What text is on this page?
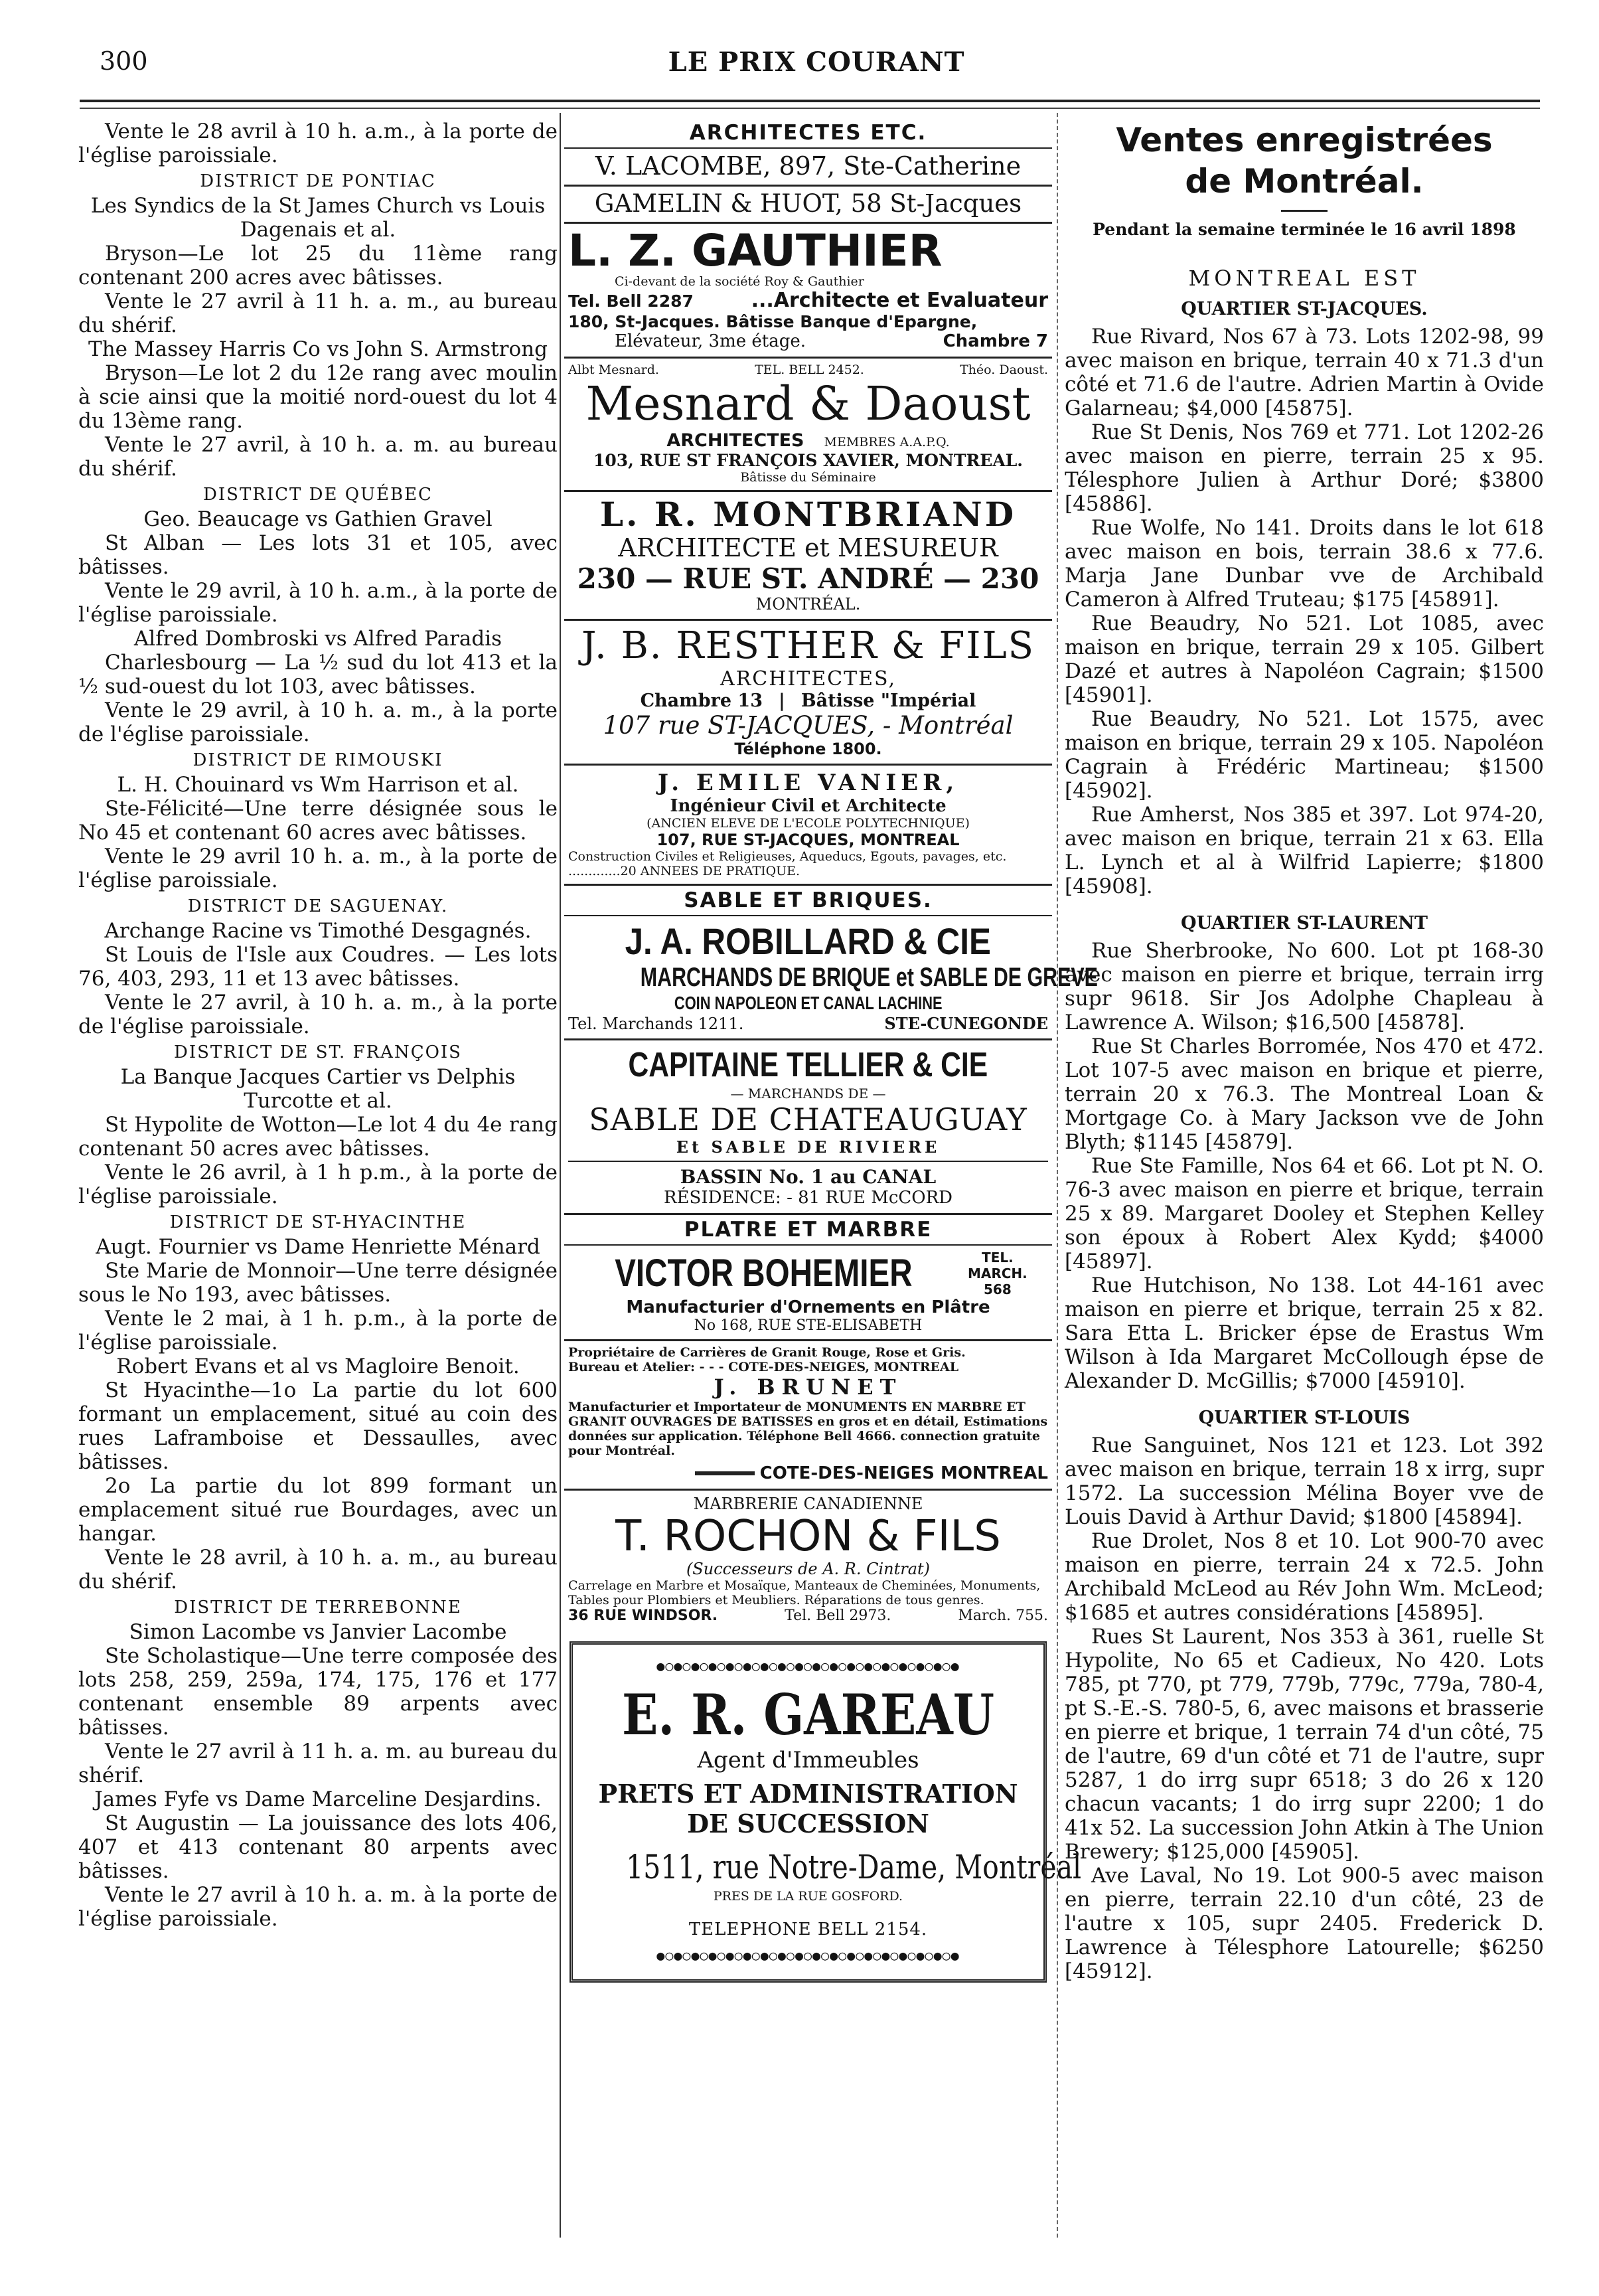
300	LE PRIX COURANT

Vente le 28 avril à 10 h. a.m., à la porte de l'église paroissiale.

DISTRICT DE PONTIAC

Les Syndics de la St James Church vs Louis Dagenais et al.

Bryson—Le lot 25 du 11ème rang contenant 200 acres avec bâtisses.

Vente le 27 avril à 11 h. a. m., au bureau du shérif.

The Massey Harris Co vs John S. Armstrong

Bryson—Le lot 2 du 12e rang avec moulin à scie ainsi que la moitié nord-ouest du lot 4 du 13ème rang.

Vente le 27 avril, à 10 h. a. m. au bureau du shérif.

DISTRICT DE QUÉBEC

Geo. Beaucage vs Gathien Gravel

St Alban — Les lots 31 et 105, avec bâtisses.

Vente le 29 avril, à 10 h. a.m., à la porte de l'église paroissiale.

Alfred Dombroski vs Alfred Paradis

Charlesbourg — La ½ sud du lot 413 et la ½ sud-ouest du lot 103, avec bâtisses.

Vente le 29 avril, à 10 h. a. m., à la porte de l'église paroissiale.

DISTRICT DE RIMOUSKI

L. H. Chouinard vs Wm Harrison et al.

Ste-Félicité—Une terre désignée sous le No 45 et contenant 60 acres avec bâtisses.

Vente le 29 avril 10 h. a. m., à la porte de l'église paroissiale.

DISTRICT DE SAGUENAY.

Archange Racine vs Timothé Desgagnés.

St Louis de l'Isle aux Coudres. — Les lots 76, 403, 293, 11 et 13 avec bâtisses.

Vente le 27 avril, à 10 h. a. m., à la porte de l'église paroissiale.

DISTRICT DE ST. FRANÇOIS

La Banque Jacques Cartier vs Delphis Turcotte et al.

St Hypolite de Wotton—Le lot 4 du 4e rang contenant 50 acres avec bâtisses.

Vente le 26 avril, à 1 h p.m., à la porte de l'église paroissiale.

DISTRICT DE ST-HYACINTHE

Augt. Fournier vs Dame Henriette Ménard

Ste Marie de Monnoir—Une terre désignée sous le No 193, avec bâtisses.

Vente le 2 mai, à 1 h. p.m., à la porte de l'église paroissiale.

Robert Evans et al vs Magloire Benoit.

St Hyacinthe—1o La partie du lot 600 formant un emplacement, situé au coin des rues Laframboise et Dessaulles, avec bâtisses.

2o La partie du lot 899 formant un emplacement situé rue Bourdages, avec un hangar.

Vente le 28 avril, à 10 h. a. m., au bureau du shérif.

DISTRICT DE TERREBONNE

Simon Lacombe vs Janvier Lacombe

Ste Scholastique—Une terre composée des lots 258, 259, 259a, 174, 175, 176 et 177 contenant ensemble 89 arpents avec bâtisses.

Vente le 27 avril à 11 h. a. m. au bureau du shérif.

James Fyfe vs Dame Marceline Desjardins.

St Augustin — La jouissance des lots 406, 407 et 413 contenant 80 arpents avec bâtisses.

Vente le 27 avril à 10 h. a. m. à la porte de l'église paroissiale.

ARCHITECTES ETC.
V. LACOMBE, 897, Ste-Catherine
GAMELIN & HUOT, 58 St-Jacques
L. Z. GAUTHIER
Ci-devant de la société Roy & Gauthier
Tel. Bell 2287	...Architecte et Evaluateur
180, St-Jacques. Bâtisse Banque d'Epargne,
Elévateur, 3me étage.	Chambre 7
Albt Mesnard.	TEL. BELL 2452.	Théo. Daoust.
Mesnard & Daoust
ARCHITECTES MEMBRES A.A.P.Q.
103, RUE ST FRANÇOIS XAVIER, MONTREAL.
Bâtisse du Séminaire
L. R. MONTBRIAND
ARCHITECTE et MESUREUR
230 — RUE ST. ANDRÉ — 230
MONTRÉAL.
J. B. RESTHER & FILS
ARCHITECTES,
Chambre 13 | Bâtisse "Impérial
107 rue ST-JACQUES, - Montréal
Téléphone 1800.
J. EMILE VANIER,
Ingénieur Civil et Architecte
(ANCIEN ELEVE DE L'ECOLE POLYTECHNIQUE)
107, RUE ST-JACQUES, MONTREAL
Construction Civiles et Religieuses, Aqueducs, Egouts, pavages, etc. .............20 ANNEES DE PRATIQUE.
SABLE ET BRIQUES.
J. A. ROBILLARD & CIE
MARCHANDS DE BRIQUE et SABLE DE GREVE
COIN NAPOLEON ET CANAL LACHINE
Tel. Marchands 1211.	STE-CUNEGONDE
CAPITAINE TELLIER & CIE
— MARCHANDS DE —
SABLE DE CHATEAUGUAY
Et SABLE DE RIVIERE
BASSIN No. 1 au CANAL
RÉSIDENCE: - 81 RUE McCORD
PLATRE ET MARBRE
VICTOR BOHEMIER	TEL. MARCH. 568
Manufacturier d'Ornements en Plâtre
No 168, RUE STE-ELISABETH
Propriétaire de Carrières de Granit Rouge, Rose et Gris.
Bureau et Atelier: - - - COTE-DES-NEIGES, MONTREAL
J. BRUNET
Manufacturier et Importateur de MONUMENTS EN MARBRE ET GRANIT OUVRAGES DE BATISSES en gros et en détail, Estimations données sur application. Téléphone Bell 4666. connection gratuite pour Montréal.
COTE-DES-NEIGES MONTREAL
MARBRERIE CANADIENNE
T. ROCHON & FILS
(Successeurs de A. R. Cintrat)
Carrelage en Marbre et Mosaïque, Manteaux de Cheminées, Monuments, Tables pour Plombiers et Meubliers. Réparations de tous genres.
36 RUE WINDSOR.	Tel. Bell 2973.	March. 755.
●○●○●○●○●○●○●○●○●○●○●○●○●○●○●○●○●○●
E. R. GAREAU
Agent d'Immeubles
PRETS ET ADMINISTRATION
DE SUCCESSION
1511, rue Notre-Dame, Montréal
PRES DE LA RUE GOSFORD.
TELEPHONE BELL 2154.
●○●○●○●○●○●○●○●○●○●○●○●○●○●○●○●○●○●
Ventes enregistrées
de Montréal.
Pendant la semaine terminée le 16 avril 1898
MONTREAL EST
QUARTIER ST-JACQUES.

Rue Rivard, Nos 67 à 73. Lots 1202-98, 99 avec maison en brique, terrain 40 x 71.3 d'un côté et 71.6 de l'autre. Adrien Martin à Ovide Galarneau; $4,000 [45875].

Rue St Denis, Nos 769 et 771. Lot 1202-26 avec maison en pierre, terrain 25 x 95. Télesphore Julien à Arthur Doré; $3800 [45886].

Rue Wolfe, No 141. Droits dans le lot 618 avec maison en bois, terrain 38.6 x 77.6. Marja Jane Dunbar vve de Archibald Cameron à Alfred Truteau; $175 [45891].

Rue Beaudry, No 521. Lot 1085, avec maison en brique, terrain 29 x 105. Gilbert Dazé et autres à Napoléon Cagrain; $1500 [45901].

Rue Beaudry, No 521. Lot 1575, avec maison en brique, terrain 29 x 105. Napoléon Cagrain à Frédéric Martineau; $1500 [45902].

Rue Amherst, Nos 385 et 397. Lot 974-20, avec maison en brique, terrain 21 x 63. Ella L. Lynch et al à Wilfrid Lapierre; $1800 [45908].

QUARTIER ST-LAURENT

Rue Sherbrooke, No 600. Lot pt 168-30 avec maison en pierre et brique, terrain irrg supr 9618. Sir Jos Adolphe Chapleau à Lawrence A. Wilson; $16,500 [45878].

Rue St Charles Borromée, Nos 470 et 472. Lot 107-5 avec maison en brique et pierre, terrain 20 x 76.3. The Montreal Loan & Mortgage Co. à Mary Jackson vve de John Blyth; $1145 [45879].

Rue Ste Famille, Nos 64 et 66. Lot pt N. O. 76-3 avec maison en pierre et brique, terrain 25 x 89. Margaret Dooley et Stephen Kelley son époux à Robert Alex Kydd; $4000 [45897].

Rue Hutchison, No 138. Lot 44-161 avec maison en pierre et brique, terrain 25 x 82. Sara Etta L. Bricker épse de Erastus Wm Wilson à Ida Margaret McCollough épse de Alexander D. McGillis; $7000 [45910].

QUARTIER ST-LOUIS

Rue Sanguinet, Nos 121 et 123. Lot 392 avec maison en brique, terrain 18 x irrg, supr 1572. La succession Mélina Boyer vve de Louis David à Arthur David; $1800 [45894].

Rue Drolet, Nos 8 et 10. Lot 900-70 avec maison en pierre, terrain 24 x 72.5. John Archibald McLeod au Rév John Wm. McLeod; $1685 et autres considérations [45895].

Rues St Laurent, Nos 353 à 361, ruelle St Hypolite, No 65 et Cadieux, No 420. Lots 785, pt 770, pt 779, 779b, 779c, 779a, 780-4, pt S.-E.-S. 780-5, 6, avec maisons et brasserie en pierre et brique, 1 terrain 74 d'un côté, 75 de l'autre, 69 d'un côté et 71 de l'autre, supr 5287, 1 do irrg supr 6518; 3 do 26 x 120 chacun vacants; 1 do irrg supr 2200; 1 do 41x 52. La succession John Atkin à The Union Brewery; $125,000 [45905].

Ave Laval, No 19. Lot 900-5 avec maison en pierre, terrain 22.10 d'un côté, 23 de l'autre x 105, supr 2405. Frederick D. Lawrence à Télesphore Latourelle; $6250 [45912].
